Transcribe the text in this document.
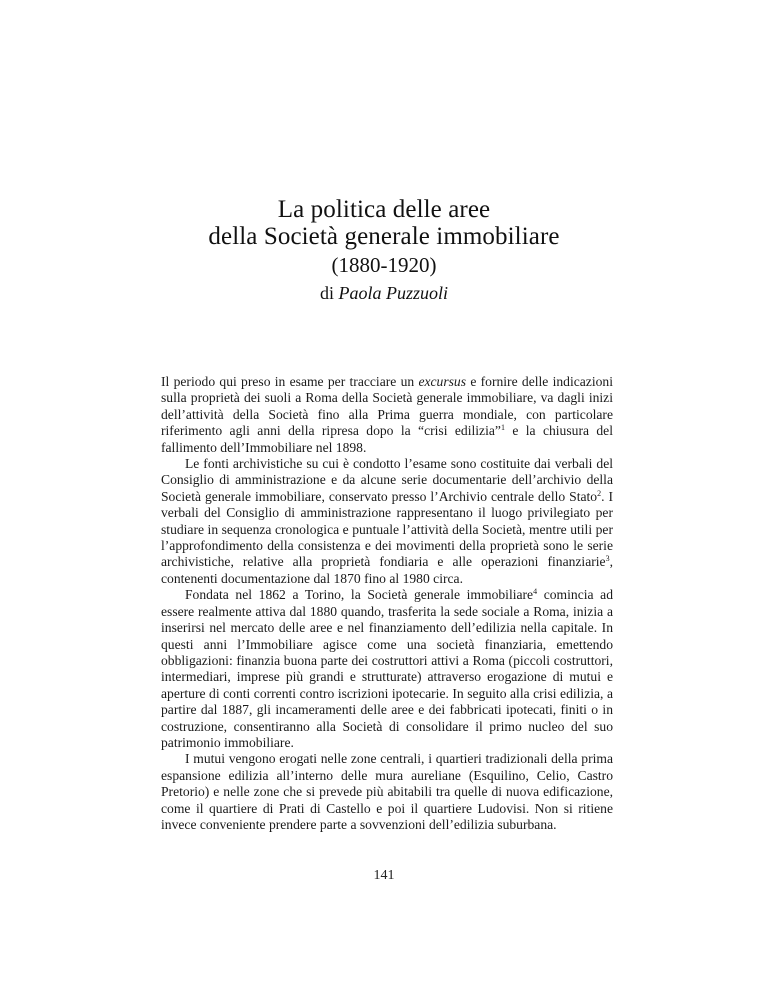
La politica delle aree
della Società generale immobiliare
(1880-1920)
di Paola Puzzuoli

Il periodo qui preso in esame per tracciare un excursus e fornire delle indicazioni sulla proprietà dei suoli a Roma della Società generale immobiliare, va dagli inizi dell’attività della Società fino alla Prima guerra mondiale, con particolare riferimento agli anni della ripresa dopo la “crisi edilizia”$^1$ e la chiusura del fallimento dell’Immobiliare nel 1898.

Le fonti archivistiche su cui è condotto l’esame sono costituite dai verbali del Consiglio di amministrazione e da alcune serie documentarie dell’archivio della Società generale immobiliare, conservato presso l’Archivio centrale dello Stato$^2$. I verbali del Consiglio di amministrazione rappresentano il luogo privilegiato per studiare in sequenza cronologica e puntuale l’attività della Società, mentre utili per l’approfondimento della consistenza e dei movimenti della proprietà sono le serie archivistiche, relative alla proprietà fondiaria e alle operazioni finanziarie$^3$, contenenti documentazione dal 1870 fino al 1980 circa.

Fondata nel 1862 a Torino, la Società generale immobiliare$^4$ comincia ad essere realmente attiva dal 1880 quando, trasferita la sede sociale a Roma, inizia a inserirsi nel mercato delle aree e nel finanziamento dell’edilizia nella capitale. In questi anni l’Immobiliare agisce come una società finanziaria, emettendo obbligazioni: finanzia buona parte dei costruttori attivi a Roma (piccoli costruttori, intermediari, imprese più grandi e strutturate) attraverso erogazione di mutui e aperture di conti correnti contro iscrizioni ipotecarie. In seguito alla crisi edilizia, a partire dal 1887, gli incameramenti delle aree e dei fabbricati ipotecati, finiti o in costruzione, consentiranno alla Società di consolidare il primo nucleo del suo patrimonio immobiliare.

I mutui vengono erogati nelle zone centrali, i quartieri tradizionali della prima espansione edilizia all’interno delle mura aureliane (Esquilino, Celio, Castro Pretorio) e nelle zone che si prevede più abitabili tra quelle di nuova edificazione, come il quartiere di Prati di Castello e poi il quartiere Ludovisi. Non si ritiene invece conveniente prendere parte a sovvenzioni dell’edilizia suburbana.

141
